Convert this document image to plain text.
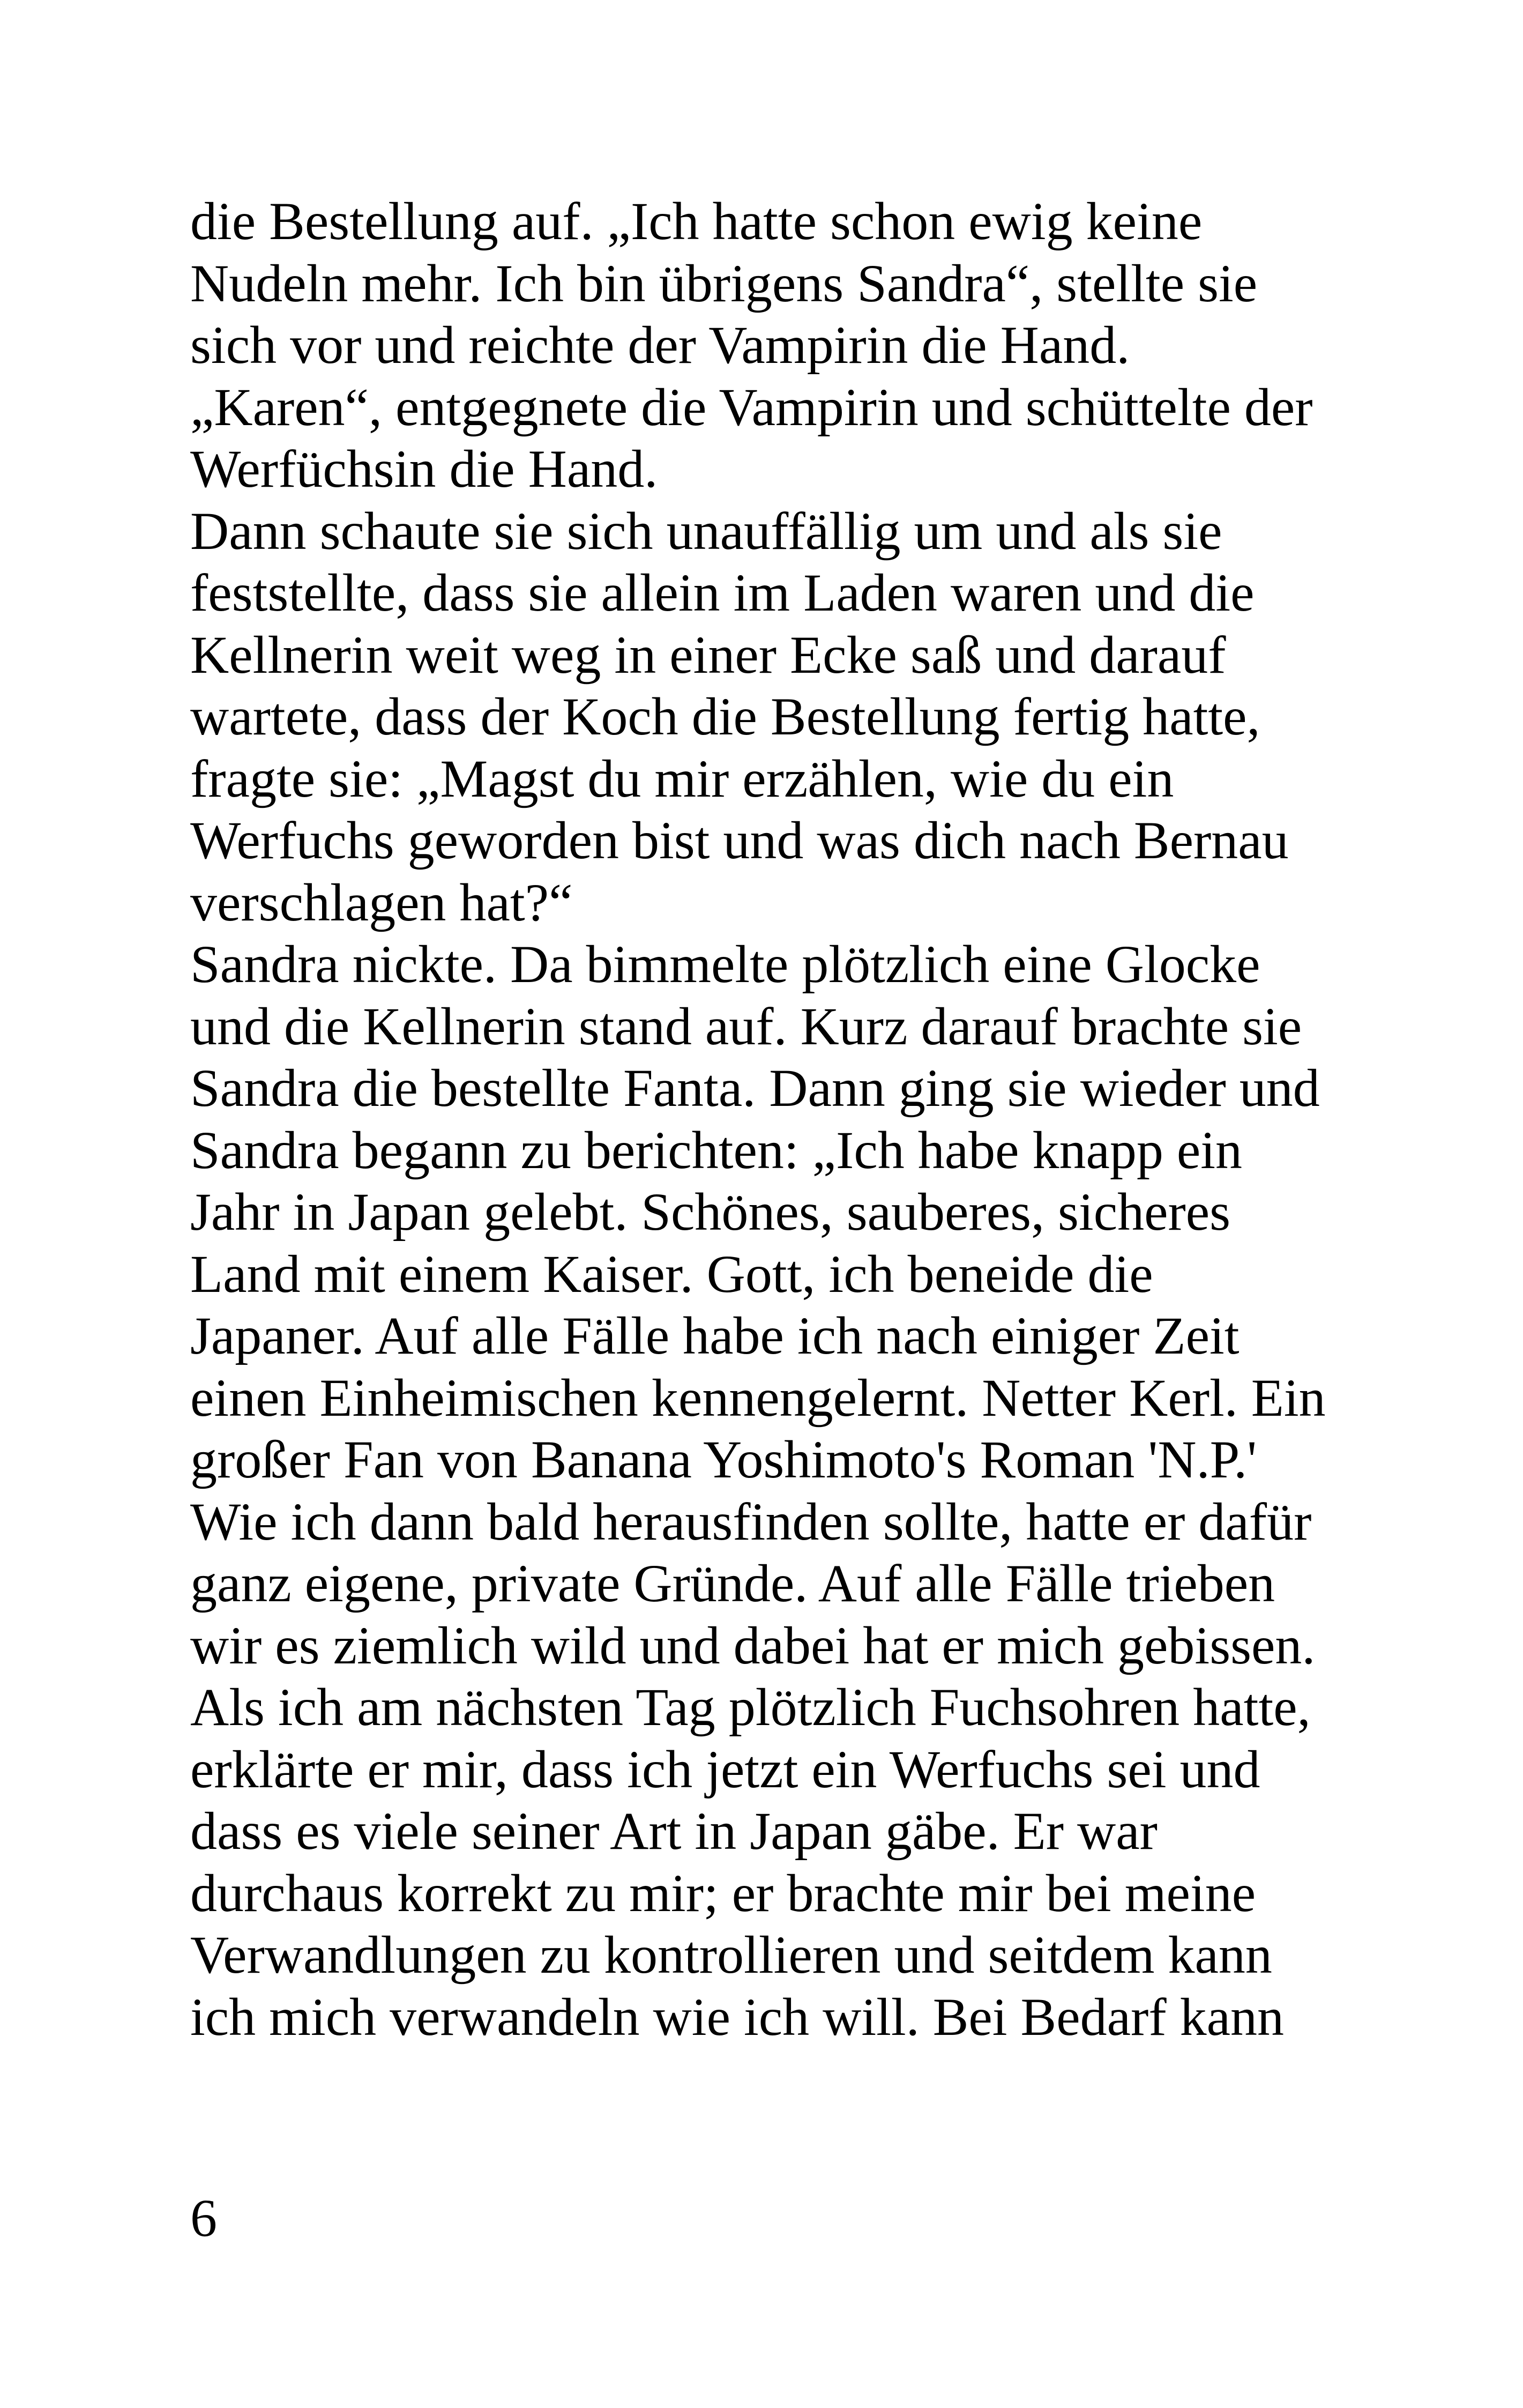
die Bestellung auf. „Ich hatte schon ewig keine
Nudeln mehr. Ich bin übrigens Sandra“, stellte sie
sich vor und reichte der Vampirin die Hand.
„Karen“, entgegnete die Vampirin und schüttelte der
Werfüchsin die Hand.
Dann schaute sie sich unauffällig um und als sie
feststellte, dass sie allein im Laden waren und die
Kellnerin weit weg in einer Ecke saß und darauf
wartete, dass der Koch die Bestellung fertig hatte,
fragte sie: „Magst du mir erzählen, wie du ein
Werfuchs geworden bist und was dich nach Bernau
verschlagen hat?“
Sandra nickte. Da bimmelte plötzlich eine Glocke
und die Kellnerin stand auf. Kurz darauf brachte sie
Sandra die bestellte Fanta. Dann ging sie wieder und
Sandra begann zu berichten: „Ich habe knapp ein
Jahr in Japan gelebt. Schönes, sauberes, sicheres
Land mit einem Kaiser. Gott, ich beneide die
Japaner. Auf alle Fälle habe ich nach einiger Zeit
einen Einheimischen kennengelernt. Netter Kerl. Ein
großer Fan von Banana Yoshimoto's Roman 'N.P.'
Wie ich dann bald herausfinden sollte, hatte er dafür
ganz eigene, private Gründe. Auf alle Fälle trieben
wir es ziemlich wild und dabei hat er mich gebissen.
Als ich am nächsten Tag plötzlich Fuchsohren hatte,
erklärte er mir, dass ich jetzt ein Werfuchs sei und
dass es viele seiner Art in Japan gäbe. Er war
durchaus korrekt zu mir; er brachte mir bei meine
Verwandlungen zu kontrollieren und seitdem kann
ich mich verwandeln wie ich will. Bei Bedarf kann
6
